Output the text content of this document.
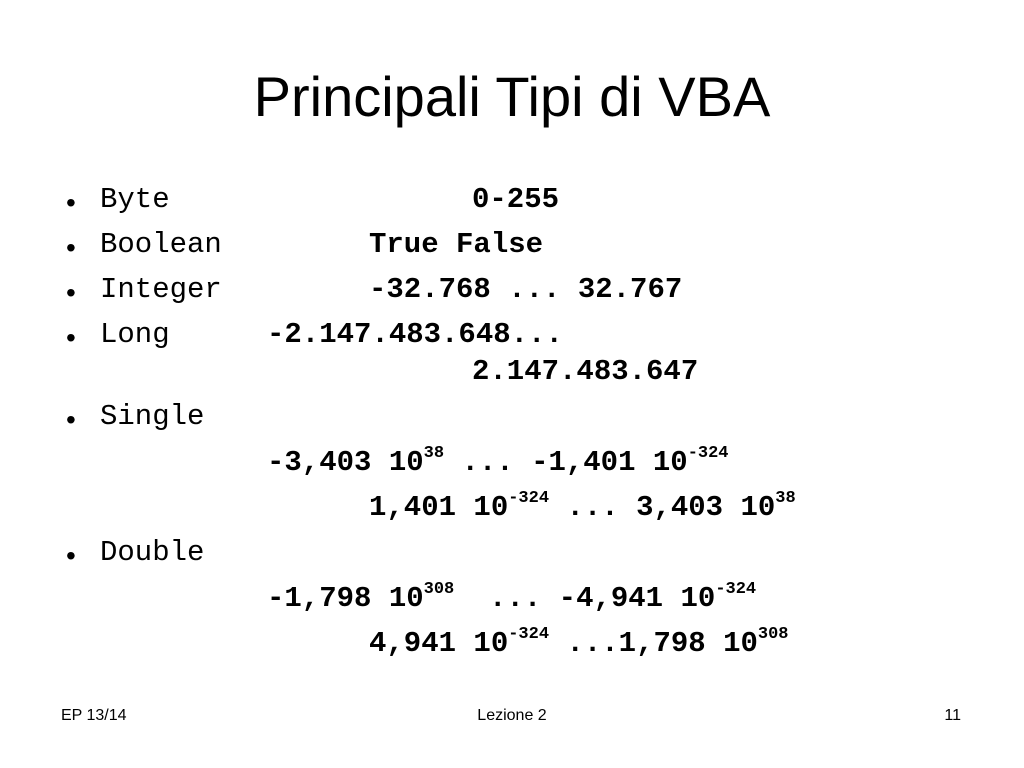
Principali Tipi di VBA
• Byte	0-255
• Boolean	True False
• Integer	-32.768 ... 32.767
• Long	-2.147.483.648...
2.147.483.647
• Single
-3,403 $10^{38}$ ... -1,401 $10^{-324}$
1,401 $10^{-324}$ ... 3,403 $10^{38}$
• Double
-1,798 $10^{308}$  ... -4,941 $10^{-324}$
4,941 $10^{-324}$ ...1,798 $10^{308}$
EP 13/14	Lezione 2	11
